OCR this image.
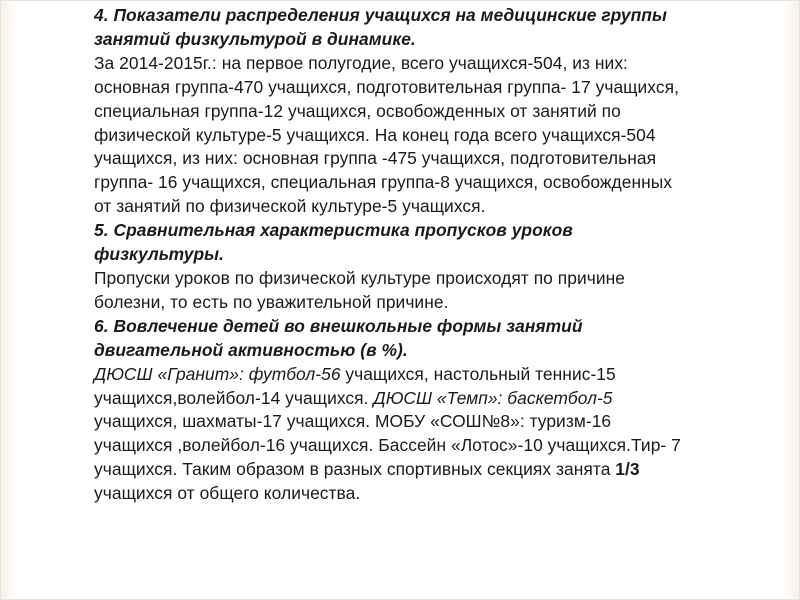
4. Показатели распределения учащихся на медицинские группы

занятий физкультурой в динамике.

За 2014-2015г.: на первое полугодие, всего учащихся-504, из них:

основная группа-470 учащихся, подготовительная группа- 17 учащихся,

специальная группа-12 учащихся, освобожденных от занятий по

физической культуре-5 учащихся. На конец года всего учащихся-504

учащихся, из них: основная группа -475 учащихся, подготовительная

группа- 16 учащихся, специальная группа-8 учащихся, освобожденных

от занятий по физической культуре-5 учащихся.

5. Сравнительная характеристика пропусков уроков

физкультуры.

Пропуски уроков по физической культуре происходят по причине

болезни, то есть по уважительной причине.

6. Вовлечение детей во внешкольные формы занятий

двигательной активностью (в %).

ДЮСШ «Гранит»: футбол-56 учащихся, настольный теннис-15

учащихся,волейбол-14 учащихся. ДЮСШ «Темп»: баскетбол-5

учащихся, шахматы-17 учащихся. МОБУ «СОШ№8»: туризм-16

учащихся ,волейбол-16 учащихся. Бассейн «Лотос»-10 учащихся.Тир- 7

учащихся. Таким образом в разных спортивных секциях занята 1/3

учащихся от общего количества.
